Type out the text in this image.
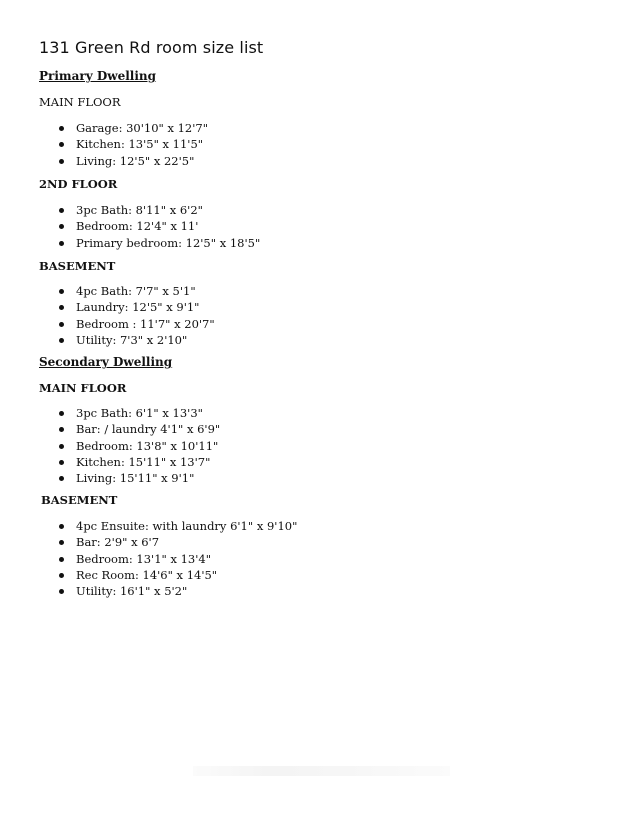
131 Green Rd room size list
Primary Dwelling
MAIN FLOOR
Garage: 30'10" x 12'7"
Kitchen: 13'5" x 11'5"
Living: 12'5" x 22'5"
2ND FLOOR
3pc Bath: 8'11" x 6'2"
Bedroom: 12'4" x 11'
Primary bedroom: 12'5" x 18'5"
BASEMENT
4pc Bath: 7'7" x 5'1"
Laundry: 12'5" x 9'1"
Bedroom : 11'7" x 20'7"
Utility: 7'3" x 2'10"
Secondary Dwelling
MAIN FLOOR
3pc Bath: 6'1" x 13'3"
Bar: / laundry 4'1" x 6'9"
Bedroom: 13'8" x 10'11"
Kitchen: 15'11" x 13'7"
Living: 15'11" x 9'1"
BASEMENT
4pc Ensuite: with laundry 6'1" x 9'10"
Bar: 2'9" x 6'7
Bedroom: 13'1" x 13'4"
Rec Room: 14'6" x 14'5"
Utility: 16'1" x 5'2"
